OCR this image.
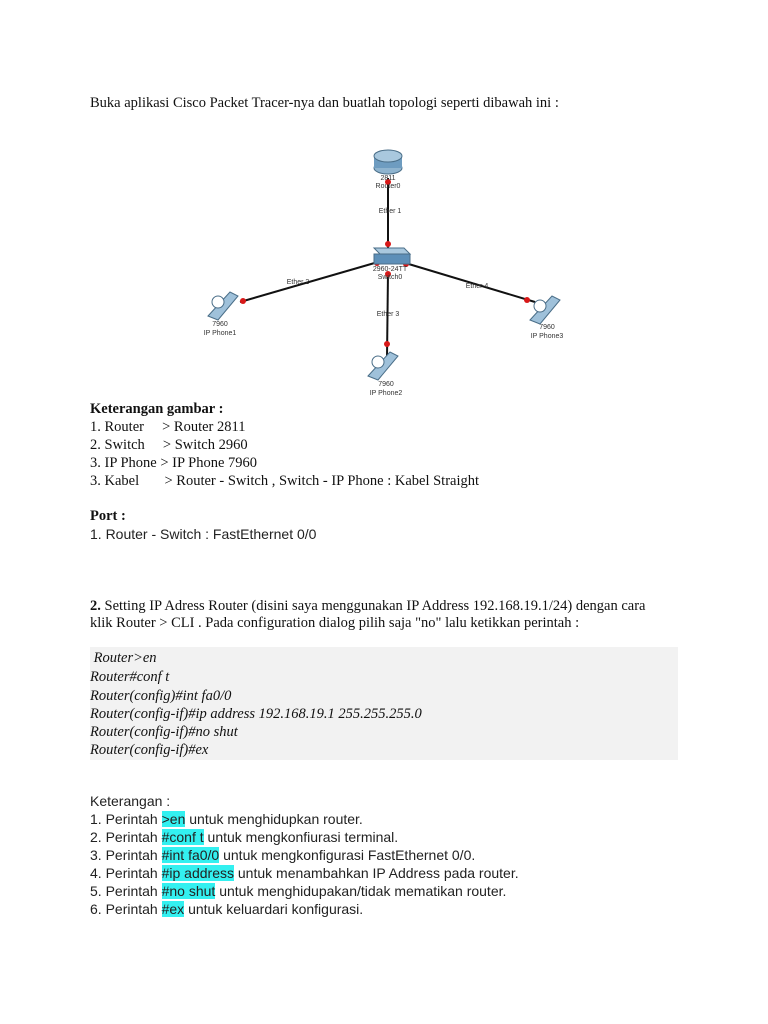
Buka aplikasi Cisco Packet Tracer-nya dan buatlah topologi seperti dibawah ini :
2811
Router0
2960-24TT
Switch0
Ether 1
Ether 2
Ether 3
Ether 4
7960
IP Phone1
7960
IP Phone2
7960
IP Phone3
Keterangan gambar :
1. Router     > Router 2811
2. Switch     > Switch 2960
3. IP Phone > IP Phone 7960
3. Kabel       > Router - Switch , Switch - IP Phone : Kabel Straight
Port :
1. Router - Switch : FastEthernet 0/0
2. Setting IP Adress Router (disini saya menggunakan IP Address 192.168.19.1/24) dengan cara
klik Router > CLI . Pada configuration dialog pilih saja "no" lalu ketikkan perintah :
Router>en
Router#conf t
Router(config)#int fa0/0
Router(config-if)#ip address 192.168.19.1 255.255.255.0
Router(config-if)#no shut
Router(config-if)#ex
Keterangan :
1. Perintah >en untuk menghidupkan router.
2. Perintah #conf t untuk mengkonfiurasi terminal.
3. Perintah #int fa0/0 untuk mengkonfigurasi FastEthernet 0/0.
4. Perintah #ip address untuk menambahkan IP Address pada router.
5. Perintah #no shut untuk menghidupakan/tidak mematikan router.
6. Perintah #ex untuk keluardari konfigurasi.
